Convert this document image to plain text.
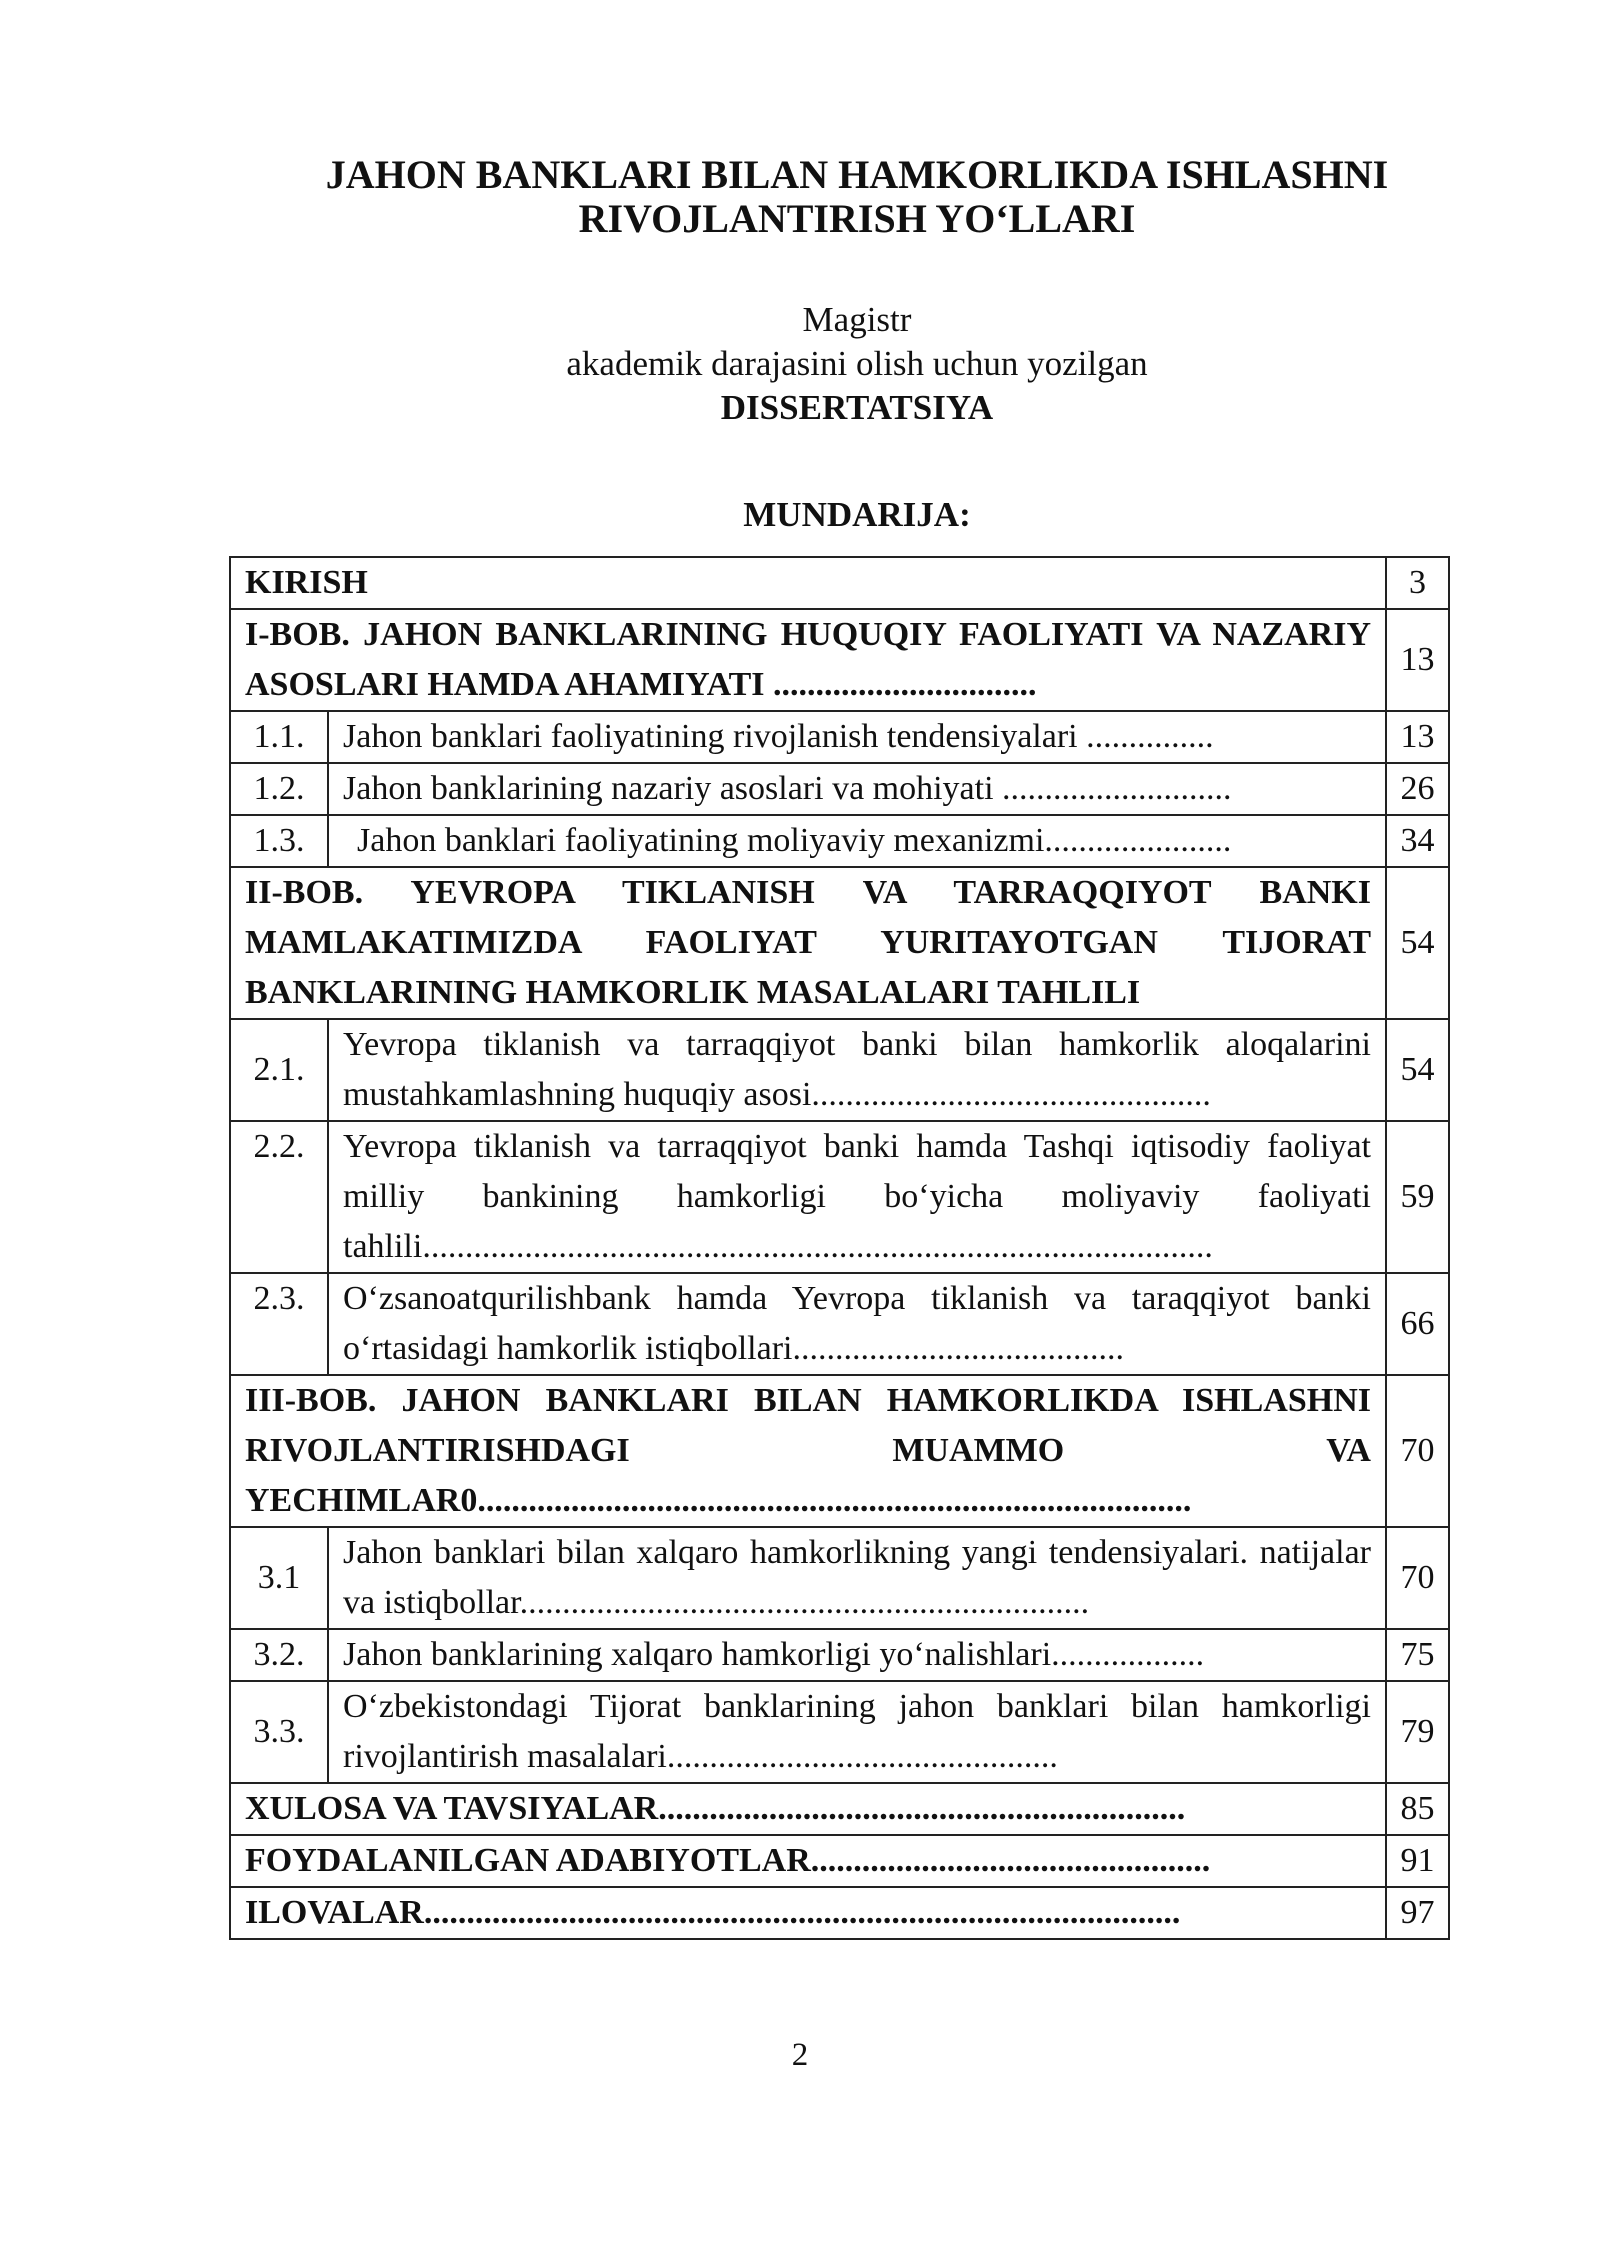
JAHON BANKLARI BILAN HAMKORLIKDA ISHLASHNI
RIVOJLANTIRISH YO‘LLARI
Magistr
akademik darajasini olish uchun yozilgan
DISSERTATSIYA
MUNDARIJA:
KIRISH		3
I-BOB. JAHON BANKLARINING HUQUQIY FAOLIYATI VA NAZARIY ASOSLARI HAMDA AHAMIYATI ...............................		13
1.1.	Jahon banklari faoliyatining rivojlanish tendensiyalari ...............	13
1.2.	Jahon banklarining nazariy asoslari va mohiyati ...........................	26
1.3.	Jahon banklari faoliyatining moliyaviy mexanizmi......................	34
II-BOB. YEVROPA TIKLANISH VA TARRAQQIYOT BANKI MAMLAKATIMIZDA FAOLIYAT YURITAYOTGAN TIJORAT BANKLARINING HAMKORLIK MASALALARI TAHLILI		54
2.1.	Yevropa tiklanish va tarraqqiyot banki bilan hamkorlik aloqalarini mustahkamlashning huquqiy asosi...............................................	54
2.2.	Yevropa tiklanish va tarraqqiyot banki hamda Tashqi iqtisodiy faoliyat milliy bankining hamkorligi bo‘yicha moliyaviy faoliyati tahlili.............................................................................................	59
2.3.	O‘zsanoatqurilishbank hamda Yevropa tiklanish va taraqqiyot banki o‘rtasidagi hamkorlik istiqbollari.......................................	66
III-BOB. JAHON BANKLARI BILAN HAMKORLIKDA ISHLASHNI RIVOJLANTIRISHDAGI MUAMMO VA YECHIMLAR0....................................................................................		70
3.1	Jahon banklari bilan xalqaro hamkorlikning yangi tendensiyalari. natijalar va istiqbollar...................................................................	70
3.2.	Jahon banklarining xalqaro hamkorligi yo‘nalishlari..................	75
3.3.	O‘zbekistondagi Tijorat banklarining jahon banklari bilan hamkorligi rivojlantirish masalalari..............................................	79
XULOSA VA TAVSIYALAR..............................................................		85
FOYDALANILGAN ADABIYOTLAR...............................................		91
ILOVALAR.........................................................................................		97
2
